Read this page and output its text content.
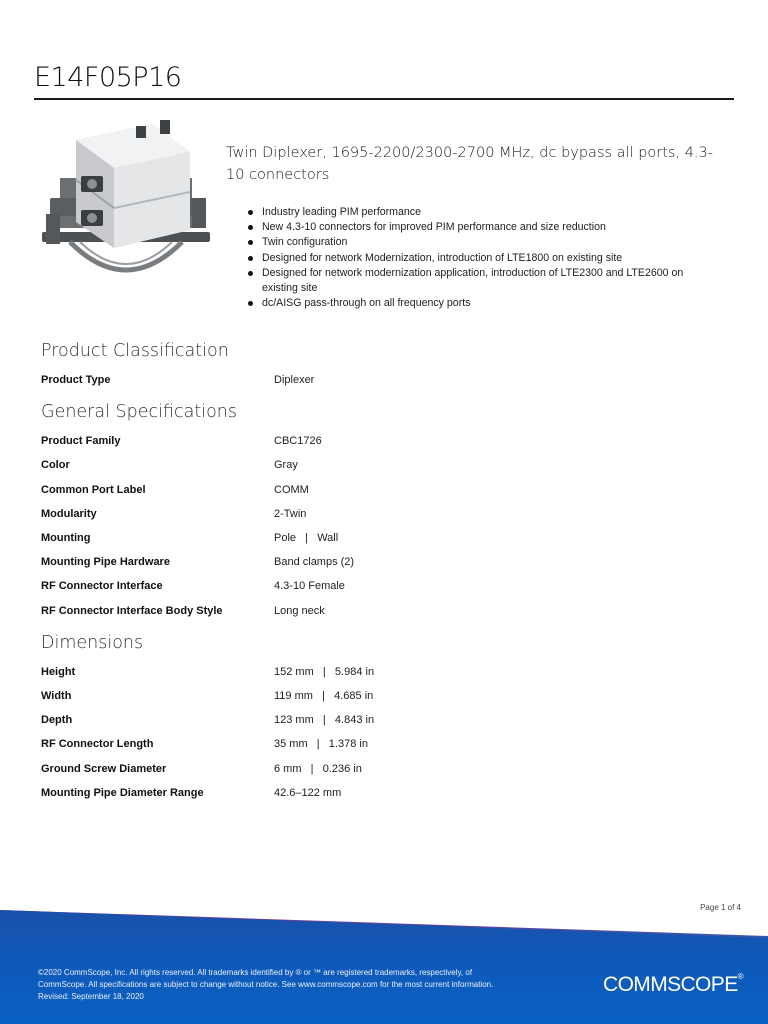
E14F05P16
Twin Diplexer, 1695-2200/2300-2700 MHz, dc bypass all ports, 4.3-10 connectors
Industry leading PIM performance
New 4.3-10 connectors for improved PIM performance and size reduction
Twin configuration
Designed for network Modernization, introduction of LTE1800 on existing site
Designed for network modernization application, introduction of LTE2300 and LTE2600 on existing site
dc/AISG pass-through on all frequency ports
Product Classification
Product Type	Diplexer
General Specifications
Product Family	CBC1726
Color	Gray
Common Port Label	COMM
Modularity	2-Twin
Mounting	Pole   |   Wall
Mounting Pipe Hardware	Band clamps (2)
RF Connector Interface	4.3-10 Female
RF Connector Interface Body Style	Long neck
Dimensions
Height	152 mm   |   5.984 in
Width	119 mm   |   4.685 in
Depth	123 mm   |   4.843 in
RF Connector Length	35 mm   |   1.378 in
Ground Screw Diameter	6 mm   |   0.236 in
Mounting Pipe Diameter Range	42.6–122 mm
Page 1 of 4
©2020 CommScope, Inc. All rights reserved. All trademarks identified by ® or ™ are registered trademarks, respectively, of CommScope. All specifications are subject to change without notice. See www.commscope.com for the most current information. Revised: September 18, 2020
COMMSCOPE®
